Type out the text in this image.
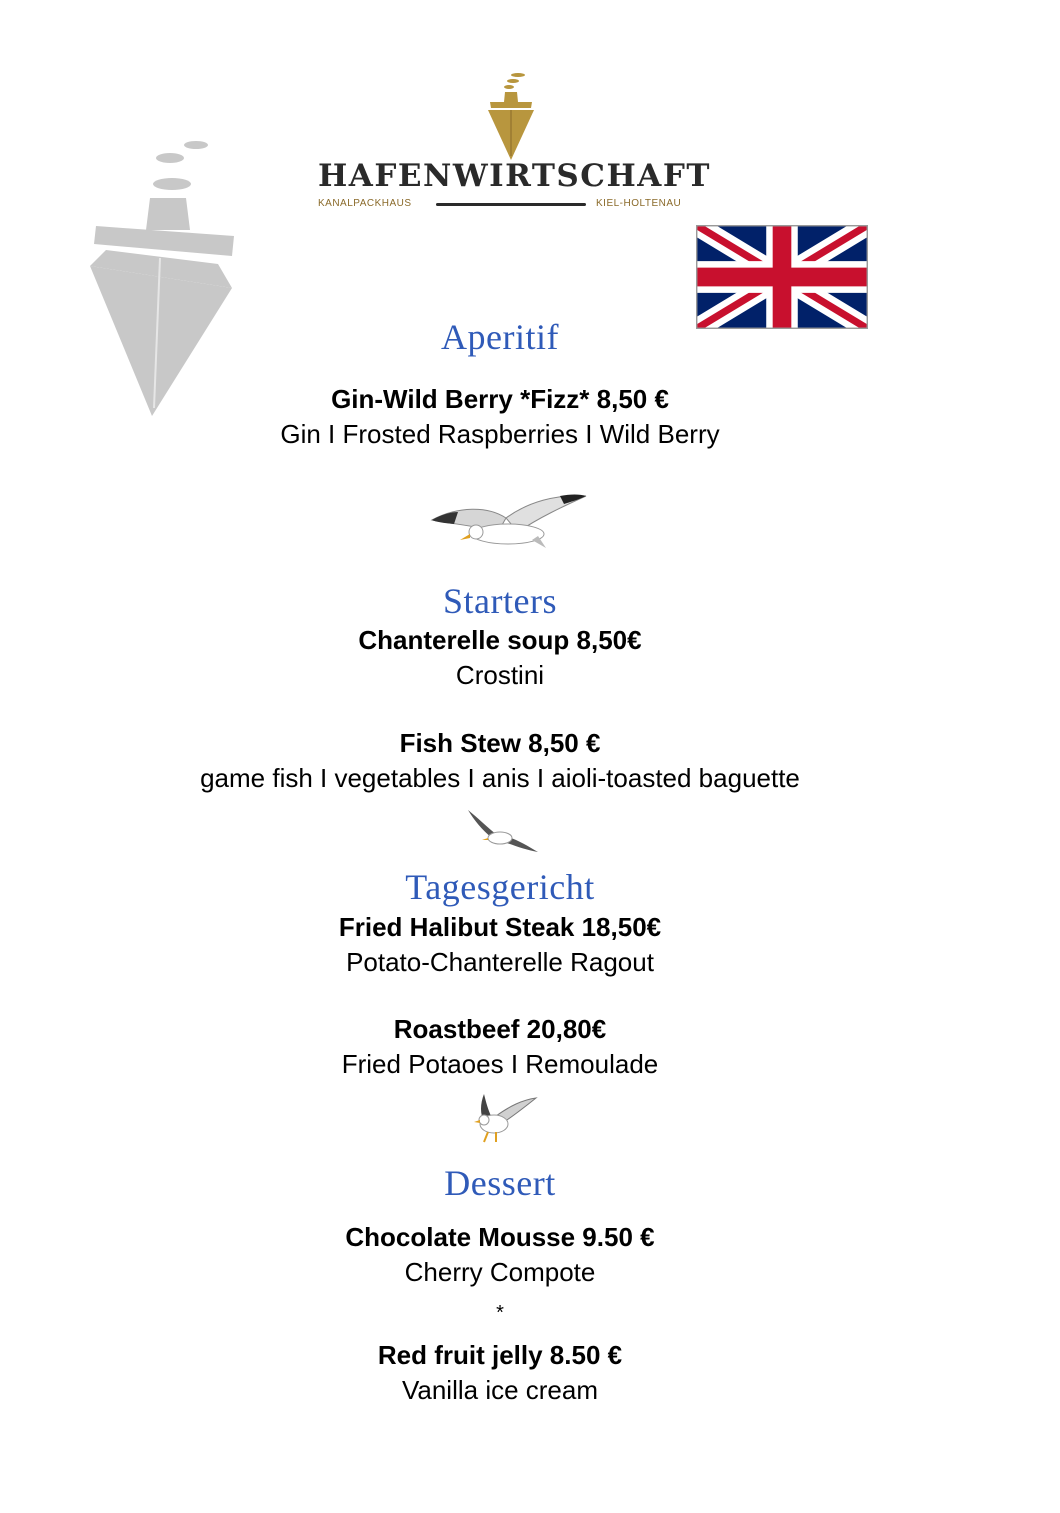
HAFENWIRTSCHAFT
KANALPACKHAUS	KIEL-HOLTENAU
Aperitif
Gin-Wild Berry *Fizz* 8,50 €
Gin I Frosted Raspberries I Wild Berry
Starters
Chanterelle soup 8,50€
Crostini
Fish Stew 8,50 €
game fish I vegetables I anis I aioli-toasted baguette
Tagesgericht
Fried Halibut Steak 18,50€
Potato-Chanterelle Ragout
Roastbeef 20,80€
Fried Potaoes I Remoulade
Dessert
Chocolate Mousse 9.50 €
Cherry Compote
*
Red fruit jelly 8.50 €
Vanilla ice cream
